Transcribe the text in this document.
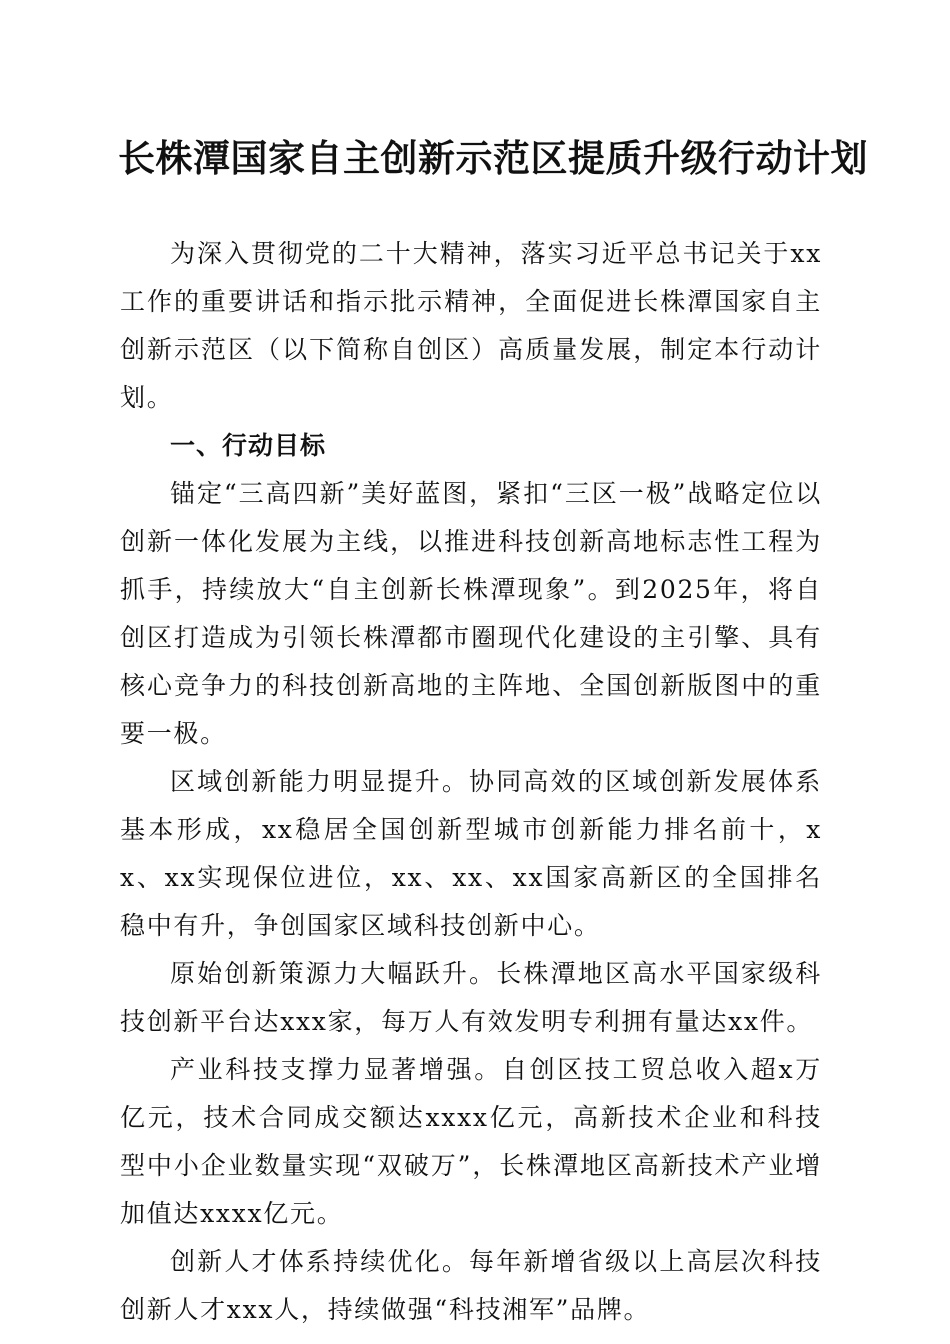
长株潭国家自主创新示范区提质升级行动计划

为深入贯彻党的二十大精神，落实习近平总书记关于xx工作的重要讲话和指示批示精神，全面促进长株潭国家自主创新示范区（以下简称自创区）高质量发展，制定本行动计划。

一、行动目标

锚定“三高四新”美好蓝图，紧扣“三区一极”战略定位以创新一体化发展为主线，以推进科技创新高地标志性工程为抓手，持续放大“自主创新长株潭现象”。到2025年，将自创区打造成为引领长株潭都市圈现代化建设的主引擎、具有核心竞争力的科技创新高地的主阵地、全国创新版图中的重要一极。

区域创新能力明显提升。协同高效的区域创新发展体系基本形成，xx稳居全国创新型城市创新能力排名前十，xx、xx实现保位进位，xx、xx、xx国家高新区的全国排名稳中有升，争创国家区域科技创新中心。

原始创新策源力大幅跃升。长株潭地区高水平国家级科技创新平台达xxx家，每万人有效发明专利拥有量达xx件。

产业科技支撑力显著增强。自创区技工贸总收入超x万亿元，技术合同成交额达xxxx亿元，高新技术企业和科技型中小企业数量实现“双破万”，长株潭地区高新技术产业增加值达xxxx亿元。

创新人才体系持续优化。每年新增省级以上高层次科技创新人才xxx人，持续做强“科技湘军”品牌。
